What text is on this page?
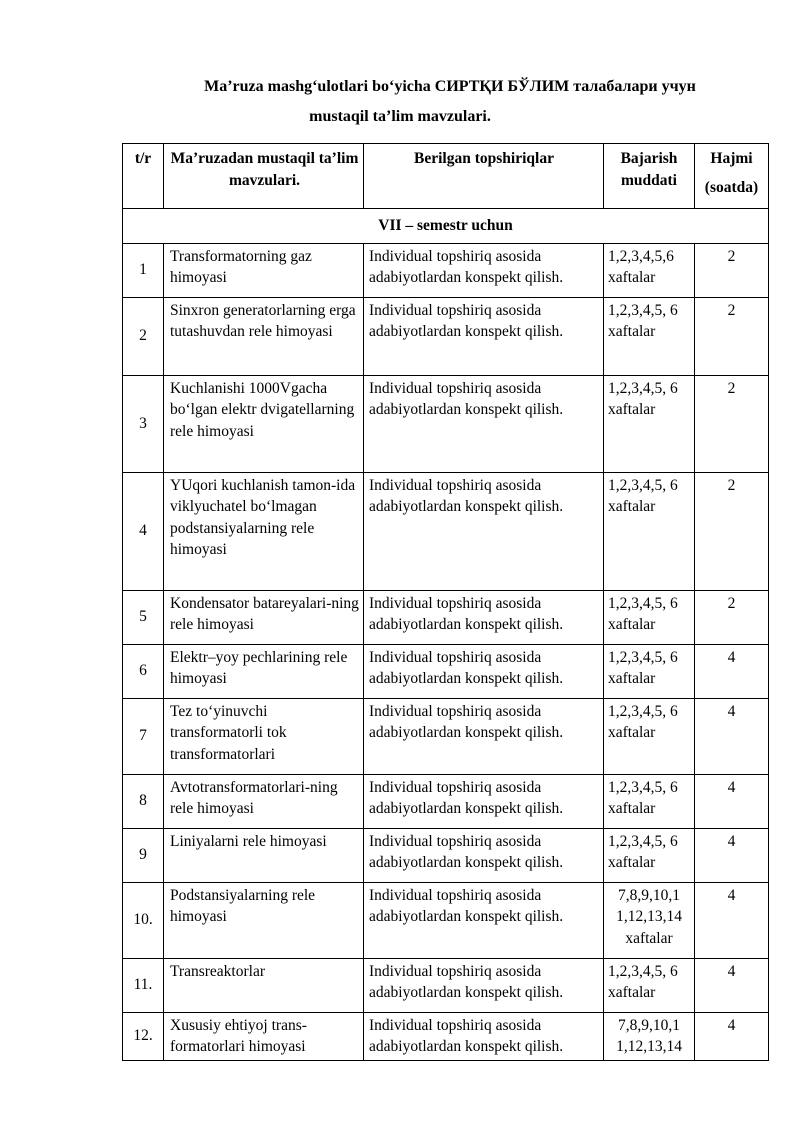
Ma’ruza mashg‘ulotlari bo‘yicha СИРТҚИ БЎЛИМ талабалари учун
mustaqil ta’lim mavzulari.
t/r	Ma’ruzadan mustaqil ta’lim mavzulari.	Berilgan topshiriqlar	Bajarish muddati	Hajmi
(soatda)

VII – semestr uchun				
1	Transformatorning gaz himoyasi	Individual topshiriq asosida adabiyotlardan konspekt qilish.	1,2,3,4,5,6 xaftalar	2
2	Sinxron generatorlarning erga tutashuvdan rele himoyasi	Individual topshiriq asosida adabiyotlardan konspekt qilish.	1,2,3,4,5, 6 xaftalar	2
3	Kuchlanishi 1000Vgacha bo‘lgan elektr dvigatellarning rele himoyasi	Individual topshiriq asosida adabiyotlardan konspekt qilish.	1,2,3,4,5, 6 xaftalar	2
4	YUqori kuchlanish tamon-ida viklyuchatel bo‘lmagan podstansiyalarning rele himoyasi	Individual topshiriq asosida adabiyotlardan konspekt qilish.	1,2,3,4,5, 6 xaftalar	2
5	Kondensator batareyalari-ning rele himoyasi	Individual topshiriq asosida adabiyotlardan konspekt qilish.	1,2,3,4,5, 6 xaftalar	2
6	Elektr–yoy pechlarining rele himoyasi	Individual topshiriq asosida adabiyotlardan konspekt qilish.	1,2,3,4,5, 6 xaftalar	4
7	Tez to‘yinuvchi transformatorli tok transformatorlari	Individual topshiriq asosida adabiyotlardan konspekt qilish.	1,2,3,4,5, 6 xaftalar	4
8	Avtotransformatorlari-ning rele himoyasi	Individual topshiriq asosida adabiyotlardan konspekt qilish.	1,2,3,4,5, 6 xaftalar	4
9	Liniyalarni rele himoyasi	Individual topshiriq asosida adabiyotlardan konspekt qilish.	1,2,3,4,5, 6 xaftalar	4
10.	Podstansiyalarning rele himoyasi	Individual topshiriq asosida adabiyotlardan konspekt qilish.	7,8,9,10,1 1,12,13,14 xaftalar	4
11.	Transreaktorlar	Individual topshiriq asosida adabiyotlardan konspekt qilish.	1,2,3,4,5, 6 xaftalar	4
12.	Xususiy ehtiyoj trans-formatorlari himoyasi	Individual topshiriq asosida adabiyotlardan konspekt qilish.	7,8,9,10,1 1,12,13,14	4
